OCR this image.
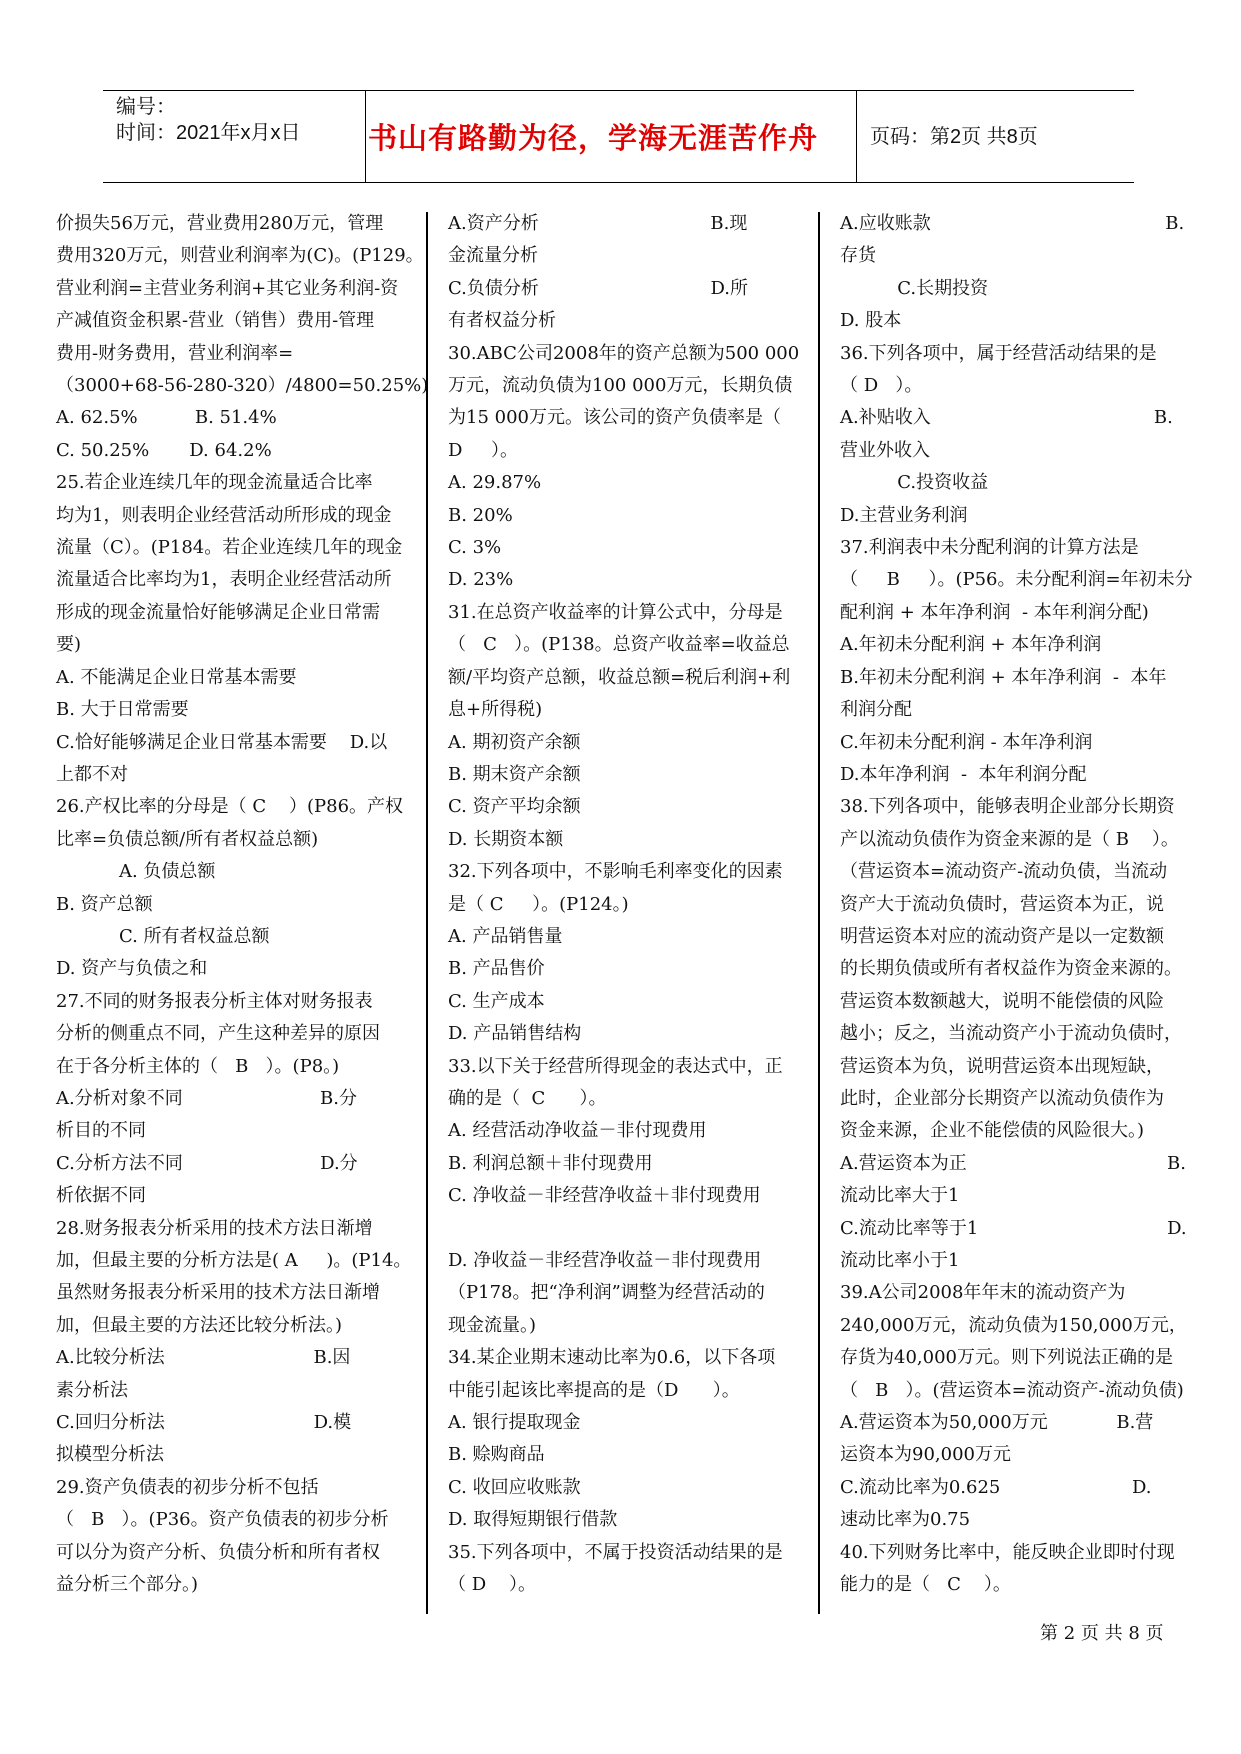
编号：
时间：2021年x月x日 书山有路勤为径，学海无涯苦作舟	页码：第2页 共8页
价损失56万元，营业费用280万元，管理
费用320万元，则营业利润率为(C)。(P129。
营业利润=主营业务利润+其它业务利润-资
产减值资金积累-营业（销售）费用-管理
费用-财务费用，营业利润率=
（3000+68-56-280-320）/4800=50.25%)
A. 62.5%          B. 51.4%
C. 50.25%       D. 64.2%
25.若企业连续几年的现金流量适合比率
均为1，则表明企业经营活动所形成的现金
流量（C）。(P184。若企业连续几年的现金
流量适合比率均为1，表明企业经营活动所
形成的现金流量恰好能够满足企业日常需
要)
A. 不能满足企业日常基本需要
B. 大于日常需要
C.恰好能够满足企业日常基本需要    D.以
上都不对
26.产权比率的分母是（ C    ）(P86。产权
比率=负债总额/所有者权益总额)
A. 负债总额
B. 资产总额
C. 所有者权益总额
D. 资产与负债之和
27.不同的财务报表分析主体对财务报表
分析的侧重点不同，产生这种差异的原因
在于各分析主体的（   B   ）。(P8。)
A.分析对象不同                        B.分
析目的不同
C.分析方法不同                        D.分
析依据不同
28.财务报表分析采用的技术方法日渐增
加，但最主要的分析方法是( A     )。(P14。
虽然财务报表分析采用的技术方法日渐增
加，但最主要的方法还比较分析法。)
A.比较分析法                          B.因
素分析法
C.回归分析法                          D.模
拟模型分析法
29.资产负债表的初步分析不包括
（   B   ）。(P36。资产负债表的初步分析
可以分为资产分析、负债分析和所有者权
益分析三个部分。)
A.资产分析                              B.现
金流量分析
C.负债分析                              D.所
有者权益分析
30.ABC公司2008年的资产总额为500 000
万元，流动负债为100 000万元，长期负债
为15 000万元。该公司的资产负债率是（
D     ）。
A. 29.87%
B. 20%
C. 3%
D. 23%
31.在总资产收益率的计算公式中，分母是
（   C   ）。(P138。总资产收益率=收益总
额/平均资产总额，收益总额=税后利润+利
息+所得税)
A. 期初资产余额
B. 期末资产余额
C. 资产平均余额
D. 长期资本额
32.下列各项中，不影响毛利率变化的因素
是（ C     ）。(P124。)
A. 产品销售量
B. 产品售价
C. 生产成本
D. 产品销售结构
33.以下关于经营所得现金的表达式中，正
确的是（  C      ）。
A. 经营活动净收益－非付现费用
B. 利润总额＋非付现费用
C. 净收益－非经营净收益＋非付现费用

D. 净收益－非经营净收益－非付现费用
（P178。把“净利润”调整为经营活动的
现金流量。)
34.某企业期末速动比率为0.6，以下各项
中能引起该比率提高的是（D      ）。
A. 银行提取现金
B. 赊购商品
C. 收回应收账款
D. 取得短期银行借款
35.下列各项中，不属于投资活动结果的是
（ D    ）。
A.应收账款                                         B.
存货
C.长期投资
D. 股本
36.下列各项中，属于经营活动结果的是
（ D   ）。
A.补贴收入                                       B.
营业外收入
C.投资收益
D.主营业务利润
37.利润表中未分配利润的计算方法是
（     B     ）。(P56。未分配利润=年初未分
配利润 + 本年净利润  - 本年利润分配)
A.年初未分配利润 + 本年净利润
B.年初未分配利润 + 本年净利润  -  本年
利润分配
C.年初未分配利润 - 本年净利润
D.本年净利润  -  本年利润分配
38.下列各项中，能够表明企业部分长期资
产以流动负债作为资金来源的是（ B    ）。
（营运资本=流动资产-流动负债，当流动
资产大于流动负债时，营运资本为正，说
明营运资本对应的流动资产是以一定数额
的长期负债或所有者权益作为资金来源的。
营运资本数额越大，说明不能偿债的风险
越小；反之，当流动资产小于流动负债时，
营运资本为负，说明营运资本出现短缺，
此时，企业部分长期资产以流动负债作为
资金来源，企业不能偿债的风险很大。)
A.营运资本为正                                   B.
流动比率大于1
C.流动比率等于1                                 D.
流动比率小于1
39.A公司2008年年末的流动资产为
240,000万元，流动负债为150,000万元，
存货为40,000万元。则下列说法正确的是
（   B   ）。(营运资本=流动资产-流动负债)
A.营运资本为50,000万元            B.营
运资本为90,000万元
C.流动比率为0.625                       D.
速动比率为0.75
40.下列财务比率中，能反映企业即时付现
能力的是（   C    ）。
第 2 页 共 8 页
